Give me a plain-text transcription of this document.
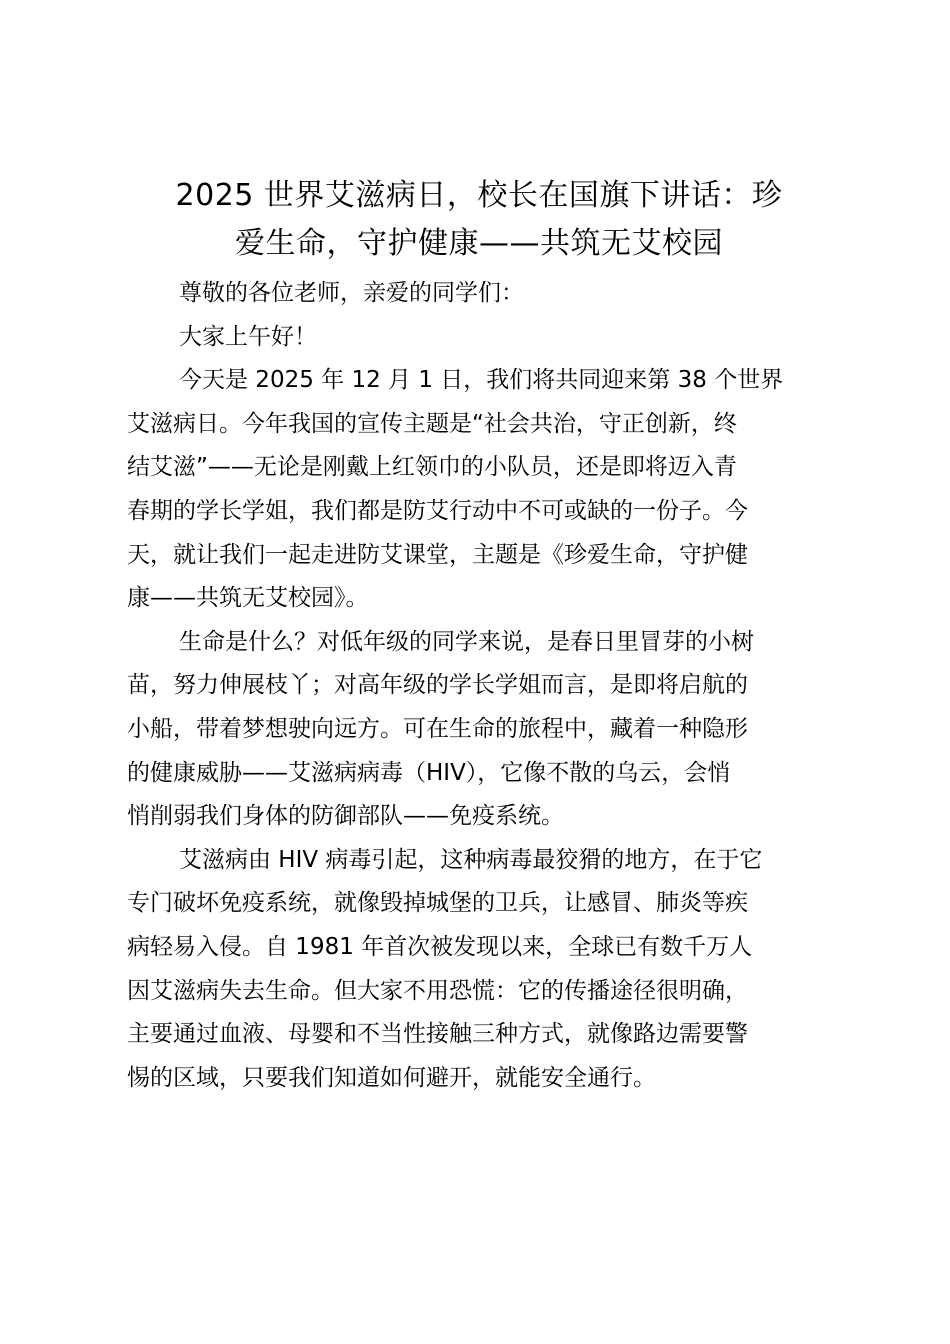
2025 世界艾滋病日，校长在国旗下讲话：珍
爱生命，守护健康——共筑无艾校园

尊敬的各位老师，亲爱的同学们：

大家上午好！

今天是 2025 年 12 月 1 日，我们将共同迎来第 38 个世界
艾滋病日。今年我国的宣传主题是“社会共治，守正创新，终
结艾滋”——无论是刚戴上红领巾的小队员，还是即将迈入青
春期的学长学姐，我们都是防艾行动中不可或缺的一份子。今
天，就让我们一起走进防艾课堂，主题是《珍爱生命，守护健
康——共筑无艾校园》。

生命是什么？对低年级的同学来说，是春日里冒芽的小树
苗，努力伸展枝丫；对高年级的学长学姐而言，是即将启航的
小船，带着梦想驶向远方。可在生命的旅程中，藏着一种隐形
的健康威胁——艾滋病病毒（HIV），它像不散的乌云，会悄
悄削弱我们身体的防御部队——免疫系统。

艾滋病由 HIV 病毒引起，这种病毒最狡猾的地方，在于它
专门破坏免疫系统，就像毁掉城堡的卫兵，让感冒、肺炎等疾
病轻易入侵。自 1981 年首次被发现以来，全球已有数千万人
因艾滋病失去生命。但大家不用恐慌：它的传播途径很明确，
主要通过血液、母婴和不当性接触三种方式，就像路边需要警
惕的区域，只要我们知道如何避开，就能安全通行。
